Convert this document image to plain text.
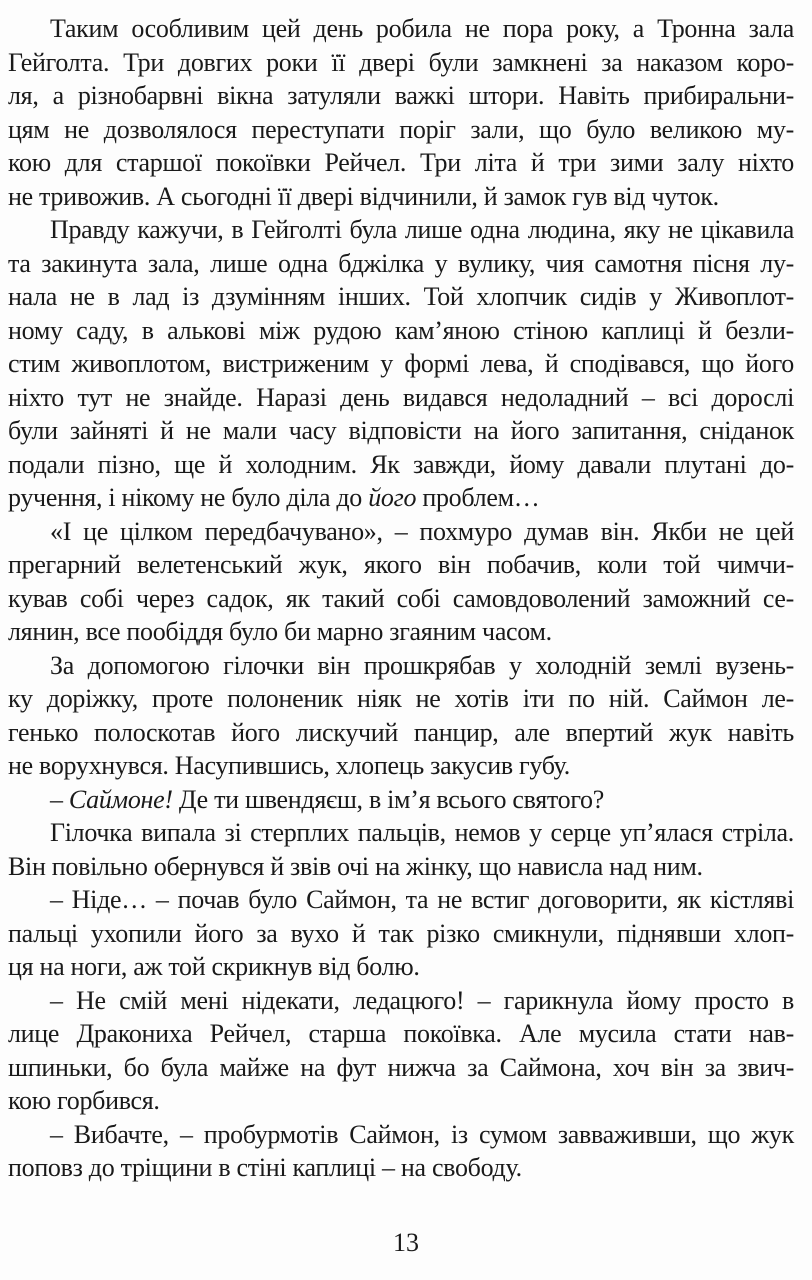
Таким особливим цей день робила не пора року, а Тронна зала
Гейголта. Три довгих роки її двері були замкнені за наказом коро-
ля, а різнобарвні вікна затуляли важкі штори. Навіть прибиральни-
цям не дозволялося переступати поріг зали, що було великою му-
кою для старшої покоївки Рейчел. Три літа й три зими залу ніхто
не тривожив. А сьогодні її двері відчинили, й замок гув від чуток.
Правду кажучи, в Гейголті була лише одна людина, яку не цікавила
та закинута зала, лише одна бджілка у вулику, чия самотня пісня лу-
нала не в лад із дзумінням інших. Той хлопчик сидів у Живоплот-
ному саду, в алькові між рудою кам’яною стіною каплиці й безли-
стим живоплотом, вистриженим у формі лева, й сподівався, що його
ніхто тут не знайде. Наразі день видався недоладний – всі дорослі
були зайняті й не мали часу відповісти на його запитання, сніданок
подали пізно, ще й холодним. Як завжди, йому давали плутані до-
ручення, і нікому не було діла до його проблем…
«І це цілком передбачувано», – похмуро думав він. Якби не цей
прегарний велетенський жук, якого він побачив, коли той чимчи-
кував собі через садок, як такий собі самовдоволений заможний се-
лянин, все пообіддя було би марно згаяним часом.
За допомогою гілочки він прошкрябав у холодній землі вузень-
ку доріжку, проте полоненик ніяк не хотів іти по ній. Саймон ле-
генько полоскотав його лискучий панцир, але впертий жук навіть
не ворухнувся. Насупившись, хлопець закусив губу.
– Саймоне! Де ти швендяєш, в ім’я всього святого?
Гілочка випала зі стерплих пальців, немов у серце уп’ялася стріла.
Він повільно обернувся й звів очі на жінку, що нависла над ним.
– Ніде… – почав було Саймон, та не встиг договорити, як кістляві
пальці ухопили його за вухо й так різко смикнули, піднявши хлоп-
ця на ноги, аж той скрикнув від болю.
– Не смій мені нідекати, ледацюго! – гарикнула йому просто в
лице Дракониха Рейчел, старша покоївка. Але мусила стати нав-
шпиньки, бо була майже на фут нижча за Саймона, хоч він за звич-
кою горбився.
– Вибачте, – пробурмотів Саймон, із сумом завваживши, що жук
поповз до тріщини в стіні каплиці – на свободу.
13
